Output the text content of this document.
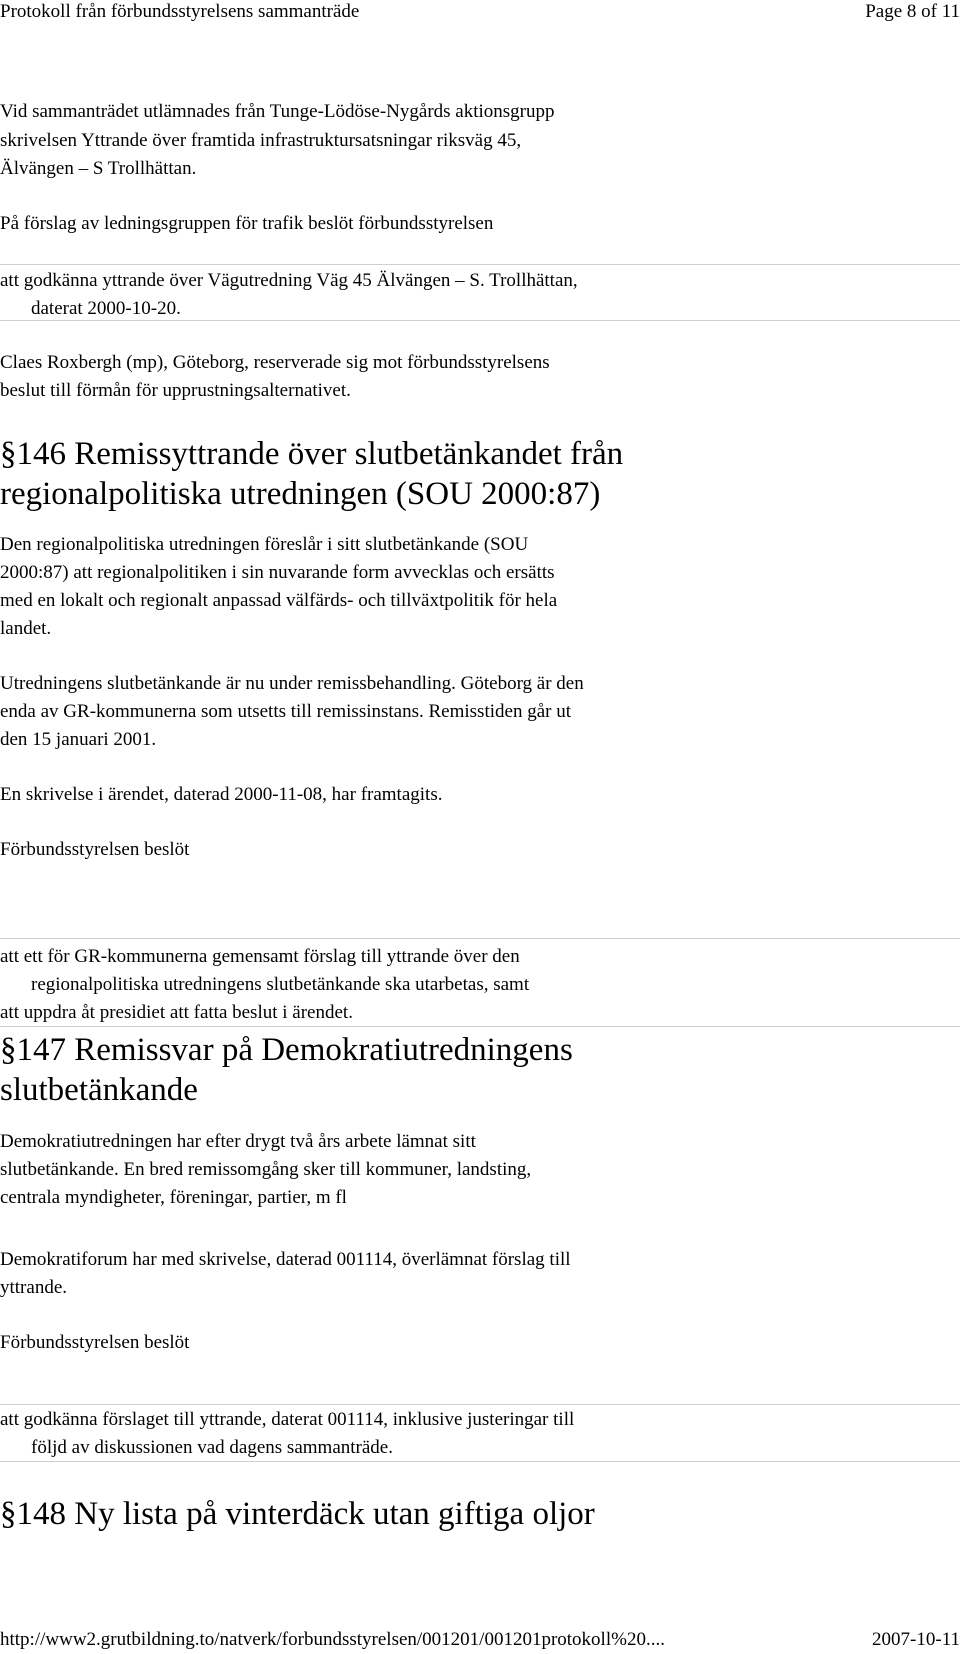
Protokoll från förbundsstyrelsens sammanträde	Page 8 of 11

Vid sammanträdet utlämnades från Tunge-Lödöse-Nygårds aktionsgrupp

skrivelsen Yttrande över framtida infrastruktursatsningar riksväg 45,

Älvängen – S Trollhättan.

På förslag av ledningsgruppen för trafik beslöt förbundsstyrelsen

att godkänna yttrande över Vägutredning Väg 45 Älvängen – S. Trollhättan,

daterat 2000-10-20.

Claes Roxbergh (mp), Göteborg, reserverade sig mot förbundsstyrelsens

beslut till förmån för upprustningsalternativet.

§146 Remissyttrande över slutbetänkandet från
regionalpolitiska utredningen (SOU 2000:87)

Den regionalpolitiska utredningen föreslår i sitt slutbetänkande (SOU

2000:87) att regionalpolitiken i sin nuvarande form avvecklas och ersätts

med en lokalt och regionalt anpassad välfärds- och tillväxtpolitik för hela

landet.

Utredningens slutbetänkande är nu under remissbehandling. Göteborg är den

enda av GR-kommunerna som utsetts till remissinstans. Remisstiden går ut

den 15 januari 2001.

En skrivelse i ärendet, daterad 2000-11-08, har framtagits.

Förbundsstyrelsen beslöt

att ett för GR-kommunerna gemensamt förslag till yttrande över den

regionalpolitiska utredningens slutbetänkande ska utarbetas, samt

att uppdra åt presidiet att fatta beslut i ärendet.

§147 Remissvar på Demokratiutredningens
slutbetänkande

Demokratiutredningen har efter drygt två års arbete lämnat sitt

slutbetänkande. En bred remissomgång sker till kommuner, landsting,

centrala myndigheter, föreningar, partier, m fl

Demokratiforum har med skrivelse, daterad 001114, överlämnat förslag till

yttrande.

Förbundsstyrelsen beslöt

att godkänna förslaget till yttrande, daterat 001114, inklusive justeringar till

följd av diskussionen vad dagens sammanträde.

§148 Ny lista på vinterdäck utan giftiga oljor
http://www2.grutbildning.to/natverk/forbundsstyrelsen/001201/001201protokoll%20....	2007-10-11
